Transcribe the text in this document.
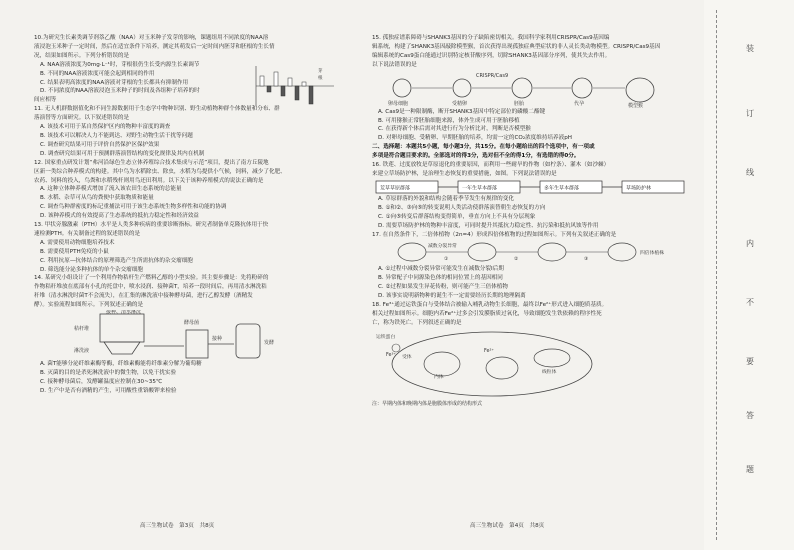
10.为研究生长素类调节剂萘乙酸（NAA）对玉米种子发芽的影响，课题组用不同浓度的NAA溶

液浸泡玉米种子一定时间，然后在适宜条件下培养，测定其萌发后一定时间内胚芽和胚根的生长情

况，结果如图所示。下列分析错误的是

A. NAA溶液浓度为0mg·L⁻¹时，芽根很仍生长受内源生长素调节

B. 不同的NAA溶液浓度可能会起到相同的作用

C. 结果表明高浓度的NAA溶液对芽根的生长都具有抑制作用

D. 不同浓度的NAA溶液浸泡玉米种子的时间及各组种子培养的时

间应相等

11. 无人机群数据值化和不同生源数据用于生态学中物种识别、野生动植物种群个体数量和分布、群

落演替等方面研究。以下叙述错误的是

A. 该技术可用于某自然保护区内的物种丰富度的调查

B. 该技术可以解决人力不能到达、对野生动物生活干扰等问题

C. 调查研究结果可用于评价自然保护区保护效果

D. 调查研究结果可用于预测群落演替结构的变化规律及其内在机制

12. 国家重点研发计划“弗河沿绿色生态立体养殖综合技术集成与示范”项目，提出了南方丘陵地

区新一类综合种养模式的构建。其中鸟为水稻除虫、除虫，水稻为鸟提供小气候，饲料，减少了化肥、

农药、饲料的投入，鸟粪和水稻残杆则用鸟还田利用。以下关于该种养殖模式的说法正确的是

A. 这种立体种养模式增加了流入该农田生态系统的总能量

B. 水稻、杂草可从鸟的粪便中获取物质和能量

C. 调查鸟种群密度的标记重捕法可用于该生态系统生物多样性和功能的协调

D. 该种养模式的有效提高了生态系统的抵抗力稳定性和经济效益

13. 甲状旁腺激素（PTH）水平是人类多种疾病的重要诊断指标。研究者制备单克隆抗体用于快

速检测PTH。有关制备过程的叙述错误的是

A. 需要使用动物细胞培养技术

B. 需要使用PTH免疫的小鼠

C. 利用抗原—抗体结合的原理筛选产生所需抗体的杂交瘤细胞

D. 筛选能分泌多种抗体的单个杂交瘤细胞

14. 某研究小组设计了一个利用作物秸杆生产燃料乙醇的小型实验。其主要步骤是：先将粉碎的

作物秸秆堆放在底部有小孔的托盘中，喷水浸润、接种菌T，培养一段时间后，再用清水淋洗秸

秆堆（清水淋洗时菌T不会流失），在汇集的淋洗液中接种酵母菌，进行乙醇发酵（酒精发

酵）。实验流程如图所示。下列叙述正确的是

接种、清水淋洗
秸杆堆
淋洗液
酵母菌
接种
发酵

A. 菌T能够分泌纤维素酶等酶，纤维素酶能将纤维素分解为葡萄糖

B. 灭菌的目的是杀死淋洗液中的微生物，以免干扰实验

C. 接种酵母菌后，发酵罐温度应控制在30~35℃

D. 生产中是否有酒精的产生，可用酸性重铬酸钾来检验

芽
根
高三生物试卷　第3页　共8页

15. 孤独症谱系障碍与SHANK3基因的分子缺陷密切相关。我国科学家利用CRISPR/Cas9基因编

辑系统，构建了SHANK3基因敲除模型猴，首次获得出现孤独症典型症状的非人灵长类动物模型。CRISPR/Cas9基因

编辑系统的Cas9蛋白能通过识别特定核苷酸序列，切除SHANK3基因部分序列，使其失去作用。

以下说法错误的是

卵母细胞	受精卵
CRISPR/Cas9
胚胎	代孕	模型猴

A. Cas9是一种限制酶，断开SHANK3基因中特定部位的磷酸二酯键

B. 可用猕猴正常胚胎细胞来源，体外生成可用于胚胎移植

C. 在获得新个体后需对其进行行为分析比对，判断是否模型猴

D. 对卵母细胞、受精卵、早期胚胎的培养，均需一定的CO₂浓度维持培养液pH

二、选择题：本题共5小题，每小题3分，共15分。在每小题给出的四个选项中，有一项或

多项是符合题目要求的。全部选对的得3分，选对但不全的得1分，有选错的得0分。

16. 铁莲、过度放牧是草原退化的重要原因，而利用一些耐旱的作物（如柠条）、灌木（如沙棘）

来建立草场防护林，是治理生态恢复的重要措施，如图。下列说法错误的是

荒草草原群落	一年生草本群落	多年生草本群落	草场防护林

A. 草原群落的外貌和结构会随着季节发生有规律的变化

B. ①和②、③向⑤的转变说明人类活动使群落演替朝生态恢复的方向

C. ①向⑤转变后群落结构变得简单，垂直方向上不具有分层现象

D. 需要草场防护林的物种丰富度，可同时提升其抵抗力稳定性、抗污染和抵抗风蚀等作用

17. 在自然条件下，二倍体植物（2n=4）形成四倍体植物的过程如图所示。下列有关叙述正确的是

减数分裂异常
①	②	③
四倍体植株

A. ①过程中减数分裂异常可能发生在减数分裂Ⅰ后期

B. 异常配子中同源染色体的相同位置上的基因相同

C. ②过程如果发生异花传粉，则可能产生三倍体植物

D. 该事实说明新物种的诞生不一定需要经历长期的地理隔离

18. Fe³⁺通过运铁蛋白与受体结合被输入哺乳动物生长细胞，最终以Fe²⁺形式进入细胞质基质。

相关过程如图所示。细胞内若Fe²⁺过多会引发膜脂质过氧化，导致细胞发生铁依赖的程序性死

亡，称为铁死亡。下列叙述正确的是

运铁蛋白
受体
Fe³⁺
Fe²⁺
内体
线粒体

注：早期内体和晚期内体是胞膜体形成的结构形式

高三生物试卷　第4页　共8页
装
订
线
内
不
要
答
题
